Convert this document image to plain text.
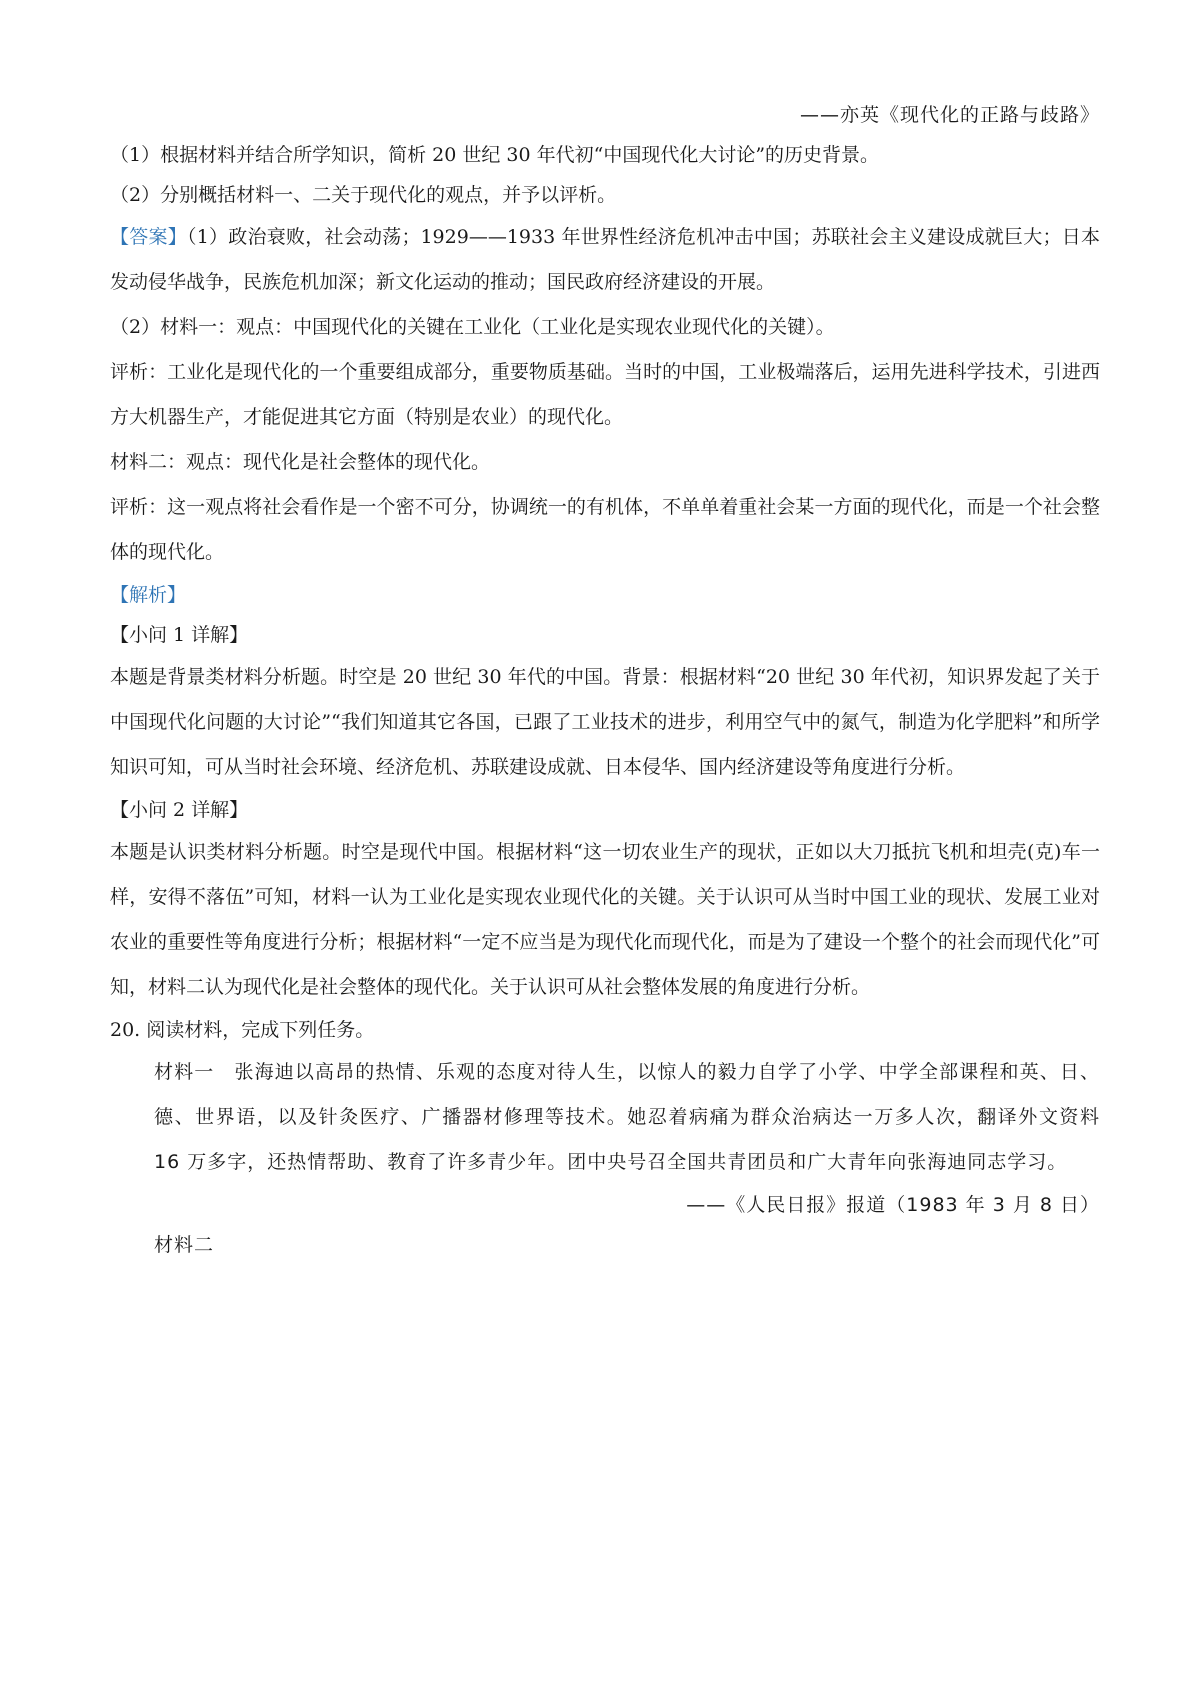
——亦英《现代化的正路与歧路》

（1）根据材料并结合所学知识，简析 20 世纪 30 年代初“中国现代化大讨论”的历史背景。

（2）分别概括材料一、二关于现代化的观点，并予以评析。

【答案】（1）政治衰败，社会动荡；1929——1933 年世界性经济危机冲击中国；苏联社会主义建设成就巨大；日本发动侵华战争，民族危机加深；新文化运动的推动；国民政府经济建设的开展。

（2）材料一：观点：中国现代化的关键在工业化（工业化是实现农业现代化的关键）。

评析：工业化是现代化的一个重要组成部分，重要物质基础。当时的中国，工业极端落后，运用先进科学技术，引进西方大机器生产，才能促进其它方面（特别是农业）的现代化。

材料二：观点：现代化是社会整体的现代化。

评析：这一观点将社会看作是一个密不可分，协调统一的有机体，不单单着重社会某一方面的现代化，而是一个社会整体的现代化。

【解析】

【小问 1 详解】

本题是背景类材料分析题。时空是 20 世纪 30 年代的中国。背景：根据材料“20 世纪 30 年代初，知识界发起了关于中国现代化问题的大讨论”“我们知道其它各国，已跟了工业技术的进步，利用空气中的氮气，制造为化学肥料”和所学知识可知，可从当时社会环境、经济危机、苏联建设成就、日本侵华、国内经济建设等角度进行分析。

【小问 2 详解】

本题是认识类材料分析题。时空是现代中国。根据材料“这一切农业生产的现状，正如以大刀抵抗飞机和坦壳(克)车一样，安得不落伍”可知，材料一认为工业化是实现农业现代化的关键。关于认识可从当时中国工业的现状、发展工业对农业的重要性等角度进行分析；根据材料“一定不应当是为现代化而现代化，而是为了建设一个整个的社会而现代化”可知，材料二认为现代化是社会整体的现代化。关于认识可从社会整体发展的角度进行分析。

20. 阅读材料，完成下列任务。

材料一　张海迪以高昂的热情、乐观的态度对待人生，以惊人的毅力自学了小学、中学全部课程和英、日、德、世界语，以及针灸医疗、广播器材修理等技术。她忍着病痛为群众治病达一万多人次，翻译外文资料 16 万多字，还热情帮助、教育了许多青少年。团中央号召全国共青团员和广大青年向张海迪同志学习。

——《人民日报》报道（1983 年 3 月 8 日）

材料二
